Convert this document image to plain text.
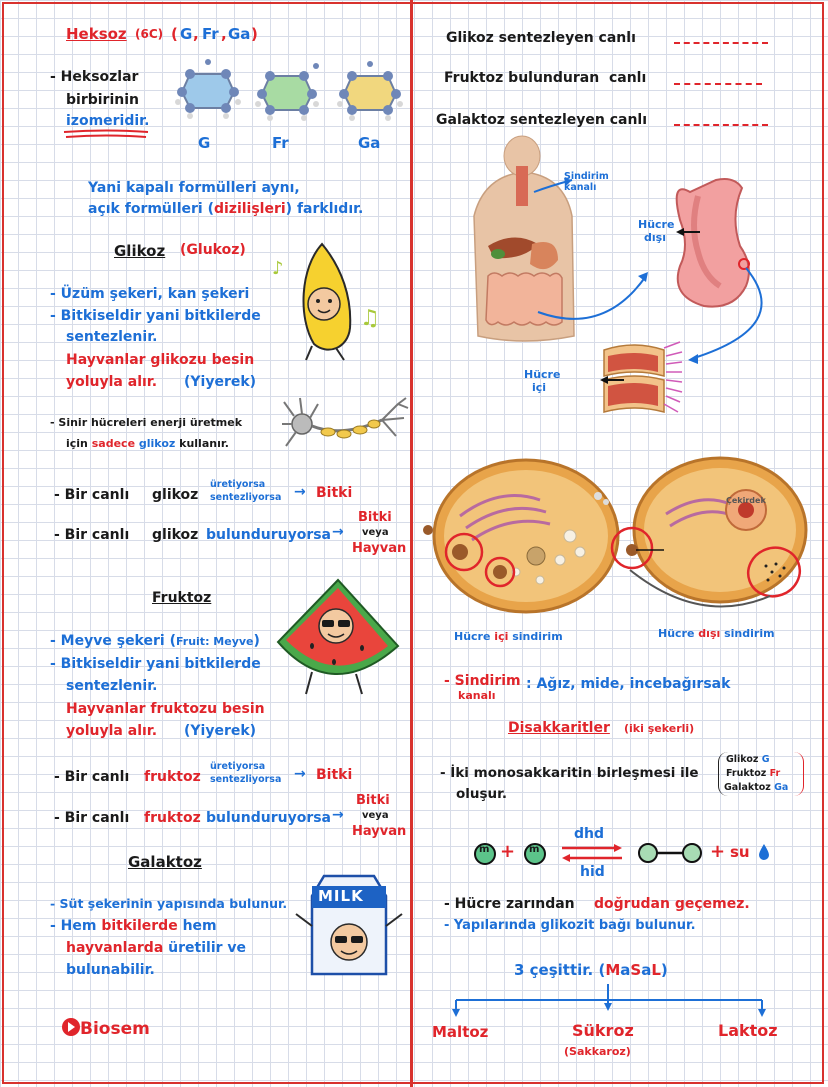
Heksoz (6C) ( G , Fr , Ga )
- Heksozlar
birbirinin
izomeridir.
G	Fr	Ga
Yani kapalı formülleri aynı,
açık formülleri (dizilişleri) farklıdır.
Glikoz (Glukoz)
♪
♫
- Üzüm şekeri, kan şekeri
- Bitkiseldir yani bitkilerde
sentezlenir.
Hayvanlar glikozu besin
yoluyla alır. (Yiyerek)
- Sinir hücreleri enerji üretmek
için sadece glikoz kullanır.
- Bir canlı glikoz
üretiyorsa
sentezliyorsa → Bitki
- Bir canlı glikoz bulunduruyorsa →
Bitki
veya
Hayvan
Fruktoz
- Meyve şekeri (Fruit: Meyve)
- Bitkiseldir yani bitkilerde
sentezlenir.
Hayvanlar fruktozu besin
yoluyla alır. (Yiyerek)
- Bir canlı fruktoz
üretiyorsa
sentezliyorsa → Bitki
- Bir canlı fruktoz bulunduruyorsa →
Bitki
veya
Hayvan
Galaktoz
- Süt şekerinin yapısında bulunur.
- Hem bitkilerde hem
hayvanlarda üretilir ve
bulunabilir.
MILK
Biosem
Glikoz sentezleyen canlı
Fruktoz bulunduran canlı
Galaktoz sentezleyen canlı
Sindirim
kanalı
Hücre
dışı
Hücre
içi
Çekirdek
Hücre içi sindirim	Hücre dışı sindirim
- Sindirim
kanalı
: Ağız, mide, incebağırsak
Disakkaritler (iki şekerli)
- İki monosakkaritin birleşmesi ile
oluşur.
Glikoz G
Fruktoz Fr
Galaktoz Ga
m + m
dhd
hid
+ su
- Hücre zarından doğrudan geçemez.
- Yapılarında glikozit bağı bulunur.
3 çeşittir. (MaSaL)
Maltoz	Sükroz
(Sakkaroz)
Laktoz
